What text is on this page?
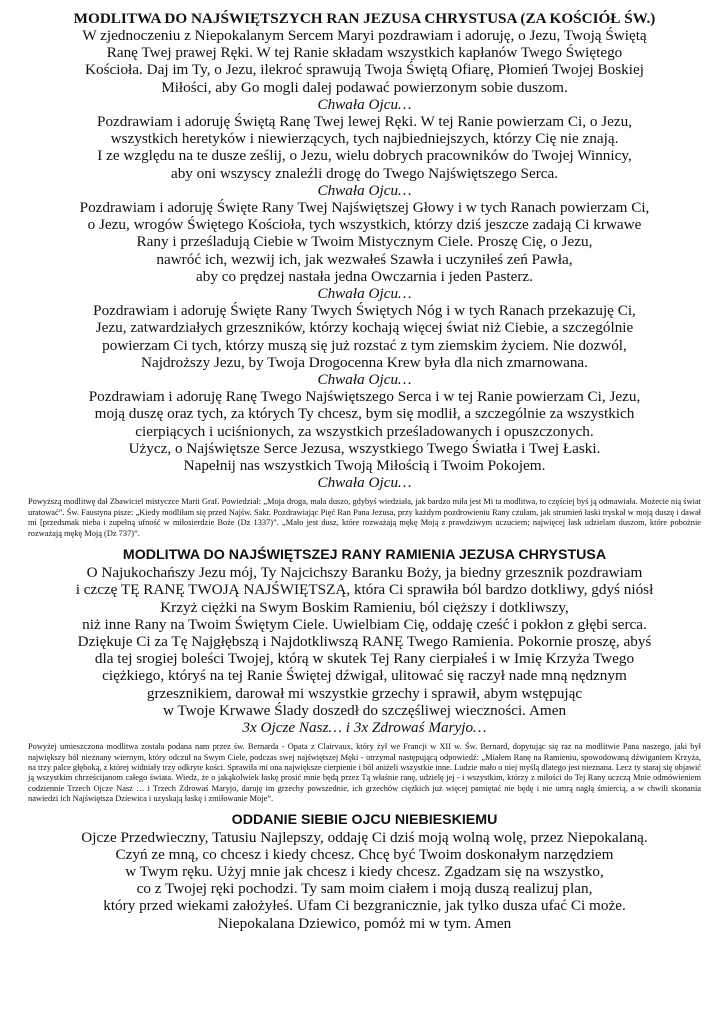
MODLITWA DO NAJŚWIĘTSZYCH RAN JEZUSA CHRYSTUSA (ZA KOŚCIÓŁ ŚW.)

W zjednoczeniu z Niepokalanym Sercem Maryi pozdrawiam i adoruję, o Jezu, Twoją Świętą
Ranę Twej prawej Ręki. W tej Ranie składam wszystkich kapłanów Twego Świętego
Kościoła. Daj im Ty, o Jezu, ilekroć sprawują Twoja Świętą Ofiarę, Płomień Twojej Boskiej
Miłości, aby Go mogli dalej podawać powierzonym sobie duszom.
Chwała Ojcu…

Pozdrawiam i adoruję Świętą Ranę Twej lewej Ręki. W tej Ranie powierzam Ci, o Jezu,
wszystkich heretyków i niewierzących, tych najbiedniejszych, którzy Cię nie znają.
I ze względu na te dusze ześlij, o Jezu, wielu dobrych pracowników do Twojej Winnicy,
aby oni wszyscy znaleźli drogę do Twego Najświętszego Serca.
Chwała Ojcu…

Pozdrawiam i adoruję Święte Rany Twej Najświętszej Głowy i w tych Ranach powierzam Ci,
o Jezu, wrogów Świętego Kościoła, tych wszystkich, którzy dziś jeszcze zadają Ci krwawe
Rany i prześladują Ciebie w Twoim Mistycznym Ciele. Proszę Cię, o Jezu,
nawróć ich, wezwij ich, jak wezwałeś Szawła i uczyniłeś zeń Pawła,
aby co prędzej nastała jedna Owczarnia i jeden Pasterz.
Chwała Ojcu…

Pozdrawiam i adoruję Święte Rany Twych Świętych Nóg i w tych Ranach przekazuję Ci,
Jezu, zatwardziałych grzeszników, którzy kochają więcej świat niż Ciebie, a szczególnie
powierzam Ci tych, którzy muszą się już rozstać z tym ziemskim życiem. Nie dozwól,
Najdroższy Jezu, by Twoja Drogocenna Krew była dla nich zmarnowana.
Chwała Ojcu…

Pozdrawiam i adoruję Ranę Twego Najświętszego Serca i w tej Ranie powierzam Ci, Jezu,
moją duszę oraz tych, za których Ty chcesz, bym się modlił, a szczególnie za wszystkich
cierpiących i uciśnionych, za wszystkich prześladowanych i opuszczonych.
Użycz, o Najświętsze Serce Jezusa, wszystkiego Twego Światła i Twej Łaski.
Napełnij nas wszystkich Twoją Miłością i Twoim Pokojem.
Chwała Ojcu…

Powyższą modlitwę dał Zbawiciel mistyczce Marii Graf. Powiedział: „Moja droga, mała duszo, gdybyś wiedziała, jak bardzo miła jest Mi ta modlitwa, to częściej byś ją odmawiała. Możecie nią świat uratować”. Św. Faustyna pisze: „Kiedy modliłam się przed Najśw. Sakr. Pozdrawiając Pięć Ran Pana Jezusa, przy każdym pozdrowieniu Rany czułam, jak strumień łaski tryskał w moją duszę i dawał mi [przedsmak nieba i zupełną ufność w miłosierdzie Boże (Dz 1337)”. „Mało jest dusz, które rozważają mękę Moją z prawdziwym uczuciem; najwięcej łask udzielam duszom, które pobożnie rozważają mękę Moją (Dz 737)”.

MODLITWA DO NAJŚWIĘTSZEJ RANY RAMIENIA JEZUSA CHRYSTUSA
O Najukochańszy Jezu mój, Ty Najcichszy Baranku Boży, ja biedny grzesznik pozdrawiam
i czczę TĘ RANĘ TWOJĄ NAJŚWIĘTSZĄ, która Ci sprawiła ból bardzo dotkliwy, gdyś niósł
Krzyż ciężki na Swym Boskim Ramieniu, ból cięższy i dotkliwszy,
niż inne Rany na Twoim Świętym Ciele. Uwielbiam Cię, oddaję cześć i pokłon z głębi serca.
Dziękuje Ci za Tę Najgłębszą i Najdotkliwszą RANĘ Twego Ramienia. Pokornie proszę, abyś
dla tej srogiej boleści Twojej, którą w skutek Tej Rany cierpiałeś i w Imię Krzyża Twego
ciężkiego, któryś na tej Ranie Świętej dźwigał, ulitować się raczył nade mną nędznym
grzesznikiem, darował mi wszystkie grzechy i sprawił, abym wstępując
w Twoje Krwawe Ślady doszedł do szczęśliwej wieczności. Amen
3x Ojcze Nasz… i 3x Zdrowaś Maryjo…

Powyżej umieszczona modlitwa została podana nam przez św. Bernarda - Opata z Clairvaux, który żył we Francji w XII w. Św. Bernard, dopytując się raz na modlitwie Pana naszego, jaki był największy ból nieznany wiernym, który odczuł na Swym Ciele, podczas swej najświętszej Męki - otrzymał następującą odpowiedź: „Miałem Ranę na Ramieniu, spowodowaną dźwiganiem Krzyża, na trzy palce głęboką, z której widniały trzy odkryte kości. Sprawiła mi ona największe cierpienie i ból aniżeli wszystkie inne. Ludzie mało o niej myślą dlatego jest nieznana. Lecz ty staraj się objawić ją wszystkim chrześcijanom całego świata. Wiedz, że o jakąkolwiek łaskę prosić mnie będą przez Tą właśnie ranę, udzielę jej - i wszystkim, którzy z miłości do Tej Rany uczczą Mnie odmówieniem codziennie Trzech Ojcze Nasz … i Trzech Zdrowaś Maryjo, daruję im grzechy powszednie, ich grzechów ciężkich już więcej pamiętać nie będę i nie umrą nagłą śmiercią, a w chwili skonania nawiedzi ich Najświętsza Dziewica i uzyskają łaskę i zmiłowanie Moje”.

ODDANIE SIEBIE OJCU NIEBIESKIEMU
Ojcze Przedwieczny, Tatusiu Najlepszy, oddaję Ci dziś moją wolną wolę, przez Niepokalaną.
Czyń ze mną, co chcesz i kiedy chcesz. Chcę być Twoim doskonałym narzędziem
w Twym ręku. Użyj mnie jak chcesz i kiedy chcesz. Zgadzam się na wszystko,
co z Twojej ręki pochodzi. Ty sam moim ciałem i moją duszą realizuj plan,
który przed wiekami założyłeś. Ufam Ci bezgranicznie, jak tylko dusza ufać Ci może.
Niepokalana Dziewico, pomóż mi w tym. Amen
